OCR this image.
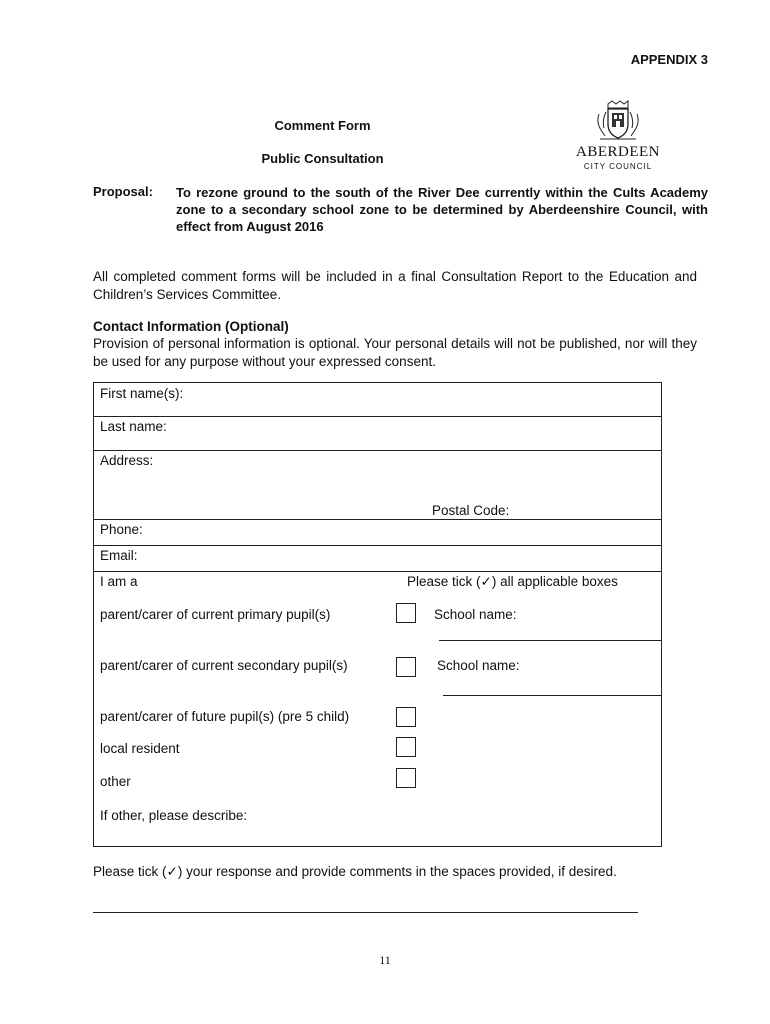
APPENDIX 3
Comment Form
Public Consultation	ABERDEEN
CITY COUNCIL
Proposal: To rezone ground to the south of the River Dee currently within the Cults Academy zone to a secondary school zone to be determined by Aberdeenshire Council, with effect from August 2016
All completed comment forms will be included in a final Consultation Report to the Education and Children’s Services Committee.
Contact Information (Optional)
Provision of personal information is optional. Your personal details will not be published, nor will they be used for any purpose without your expressed consent.
First name(s):
Last name:
Address:
Postal Code:
Phone:
Email:
I am a	Please tick (✓) all applicable boxes
parent/carer of current primary pupil(s)	School name:
parent/carer of current secondary pupil(s)	School name:
parent/carer of future pupil(s) (pre 5 child)
local resident
other
If other, please describe:
Please tick (✓) your response and provide comments in the spaces provided, if desired.
11
